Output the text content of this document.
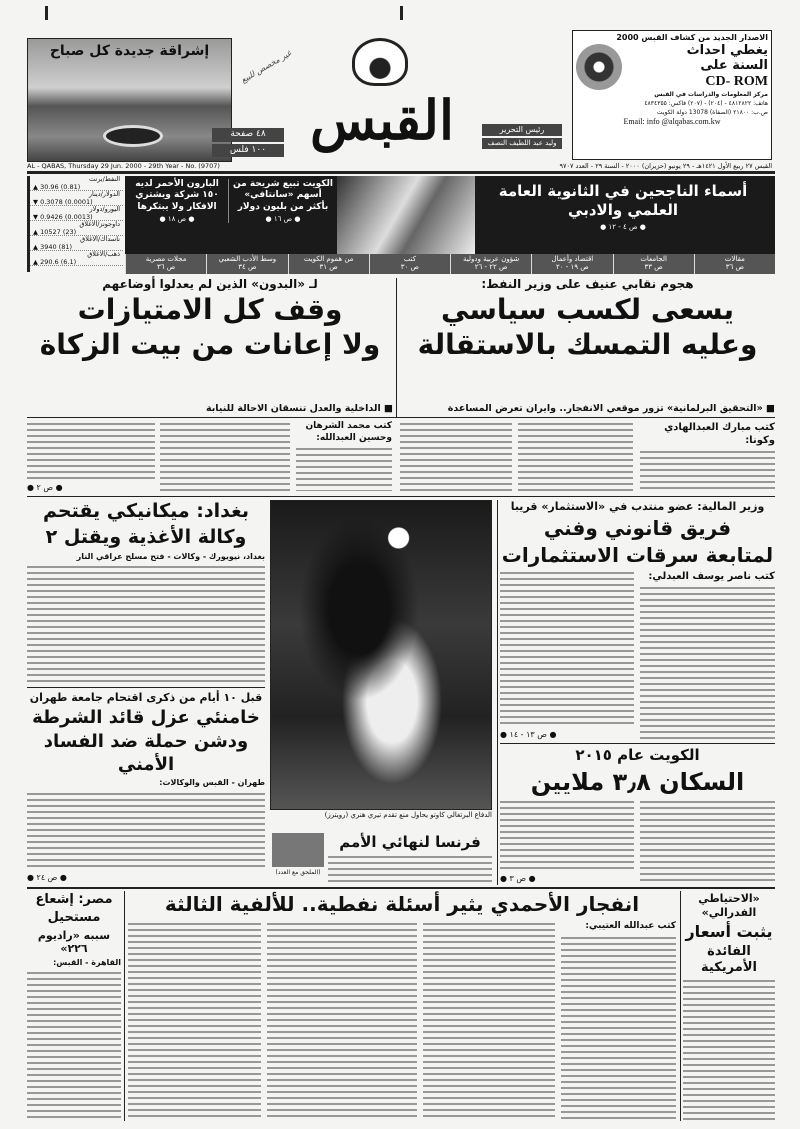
إشراقة جديدة كل صباح	غير مخصص للبيع
٤٨ صفحة
١٠٠ فلس القبس	رئيس التحرير
وليد عبد اللطيف النصف
الاصدار الجديد من كشاف القبس 2000
يغطي احداث
السنة على
CD- ROM
مركز المعلومات والدراسات في القبس
هاتف: ٤٨١٢٨٢٢ - (٢٠٤) - (٢٠٧) فاكس: ٤٨٣٤٣٥٥
ص.ب: ٢١٨٠٠ (الصفاة) 13078 دولة الكويت
Email: info @alqabas.com.kw
AL - QABAS, Thursday 29 Jun. 2000 - 29th Year - No. (9707)	القبس ٢٧ ربيع الأول ١٤٢١هـ - ٢٩ يونيو (حزيران) ٢٠٠٠ - السنة ٢٩ - العدد ٩٧٠٧
النفط/برنت
▲ 30.96 (0.81)
الدولار/دينار
▼ 0.3078 (0.0001)
اليورو/دولار
▼ 0.9426 (0.0013)
داوجونز/الاغلاق
▲ 10527 (23)
ناسداك/الاغلاق
▲ 3940 (81)
ذهب/الاغلاق
▲ 290.6 (6.1)
أسماء الناجحين في الثانوية العامة
العلمي والادبي
● ص ٤ - ١٢ ●
الكويت تبيع شريحة من أسهم «سانتافي» بأكثر من بليون دولار
● ص ١٦ ●
البارون الأحمر لديه ١٥٠ شركة ويشتري الافكار ولا يبتكرها
● ص ١٨ ●
مقالات
ص ٣٦
الجامعات
ص ٣٣
اقتصاد وأعمال
ص ١٩ - ٢٠
شؤون عربية ودولية
ص ٢٢ - ٢٦
كتب
ص ٣٠
من هموم الكويت
ص ٣١
وسط الأدب الشعبي
ص ٣٤
مجلات مصرية
ص ٣٦
هجوم نقابي عنيف على وزير النفط:
يسعى لكسب سياسي
وعليه التمسك بالاستقالة
■ «التحقيق البرلمانية» تزور موقعي الانفجار.. وايران تعرض المساعدة
لـ «البدون» الذين لم يعدلوا أوضاعهم
وقف كل الامتيازات
ولا إعانات من بيت الزكاة
■ الداخلية والعدل تنسقان الاحالة للنيابة
كتب مبارك العبدالهادي وكونا:
كتب محمد الشرهان وحسين العبدالله:
● ص ٢ ●
بغداد: ميكانيكي يقتحم
وكالة الأغذية ويقتل ٢
بغداد، نيويورك - وكالات - فتح مسلح عراقي النار
قبل ١٠ أيام من ذكرى اقتحام جامعة طهران
خامنئي عزل قائد الشرطة
ودشن حملة ضد الفساد الأمني
طهران - القبس والوكالات:
● ص ٢٤ ●
الدفاع البرتغالي كاوتو يحاول منع تقدم تيري هنري (رويترز)
(الملحق مع العدد)
فرنسا لنهائي الأمم
وزير المالية: عضو منتدب في «الاستثمار» قريبا
فريق قانوني وفني
لمتابعة سرقات الاستثمارات
كتب ناصر يوسف العبدلي:
● ص ١٣ - ١٤ ●
الكويت عام ٢٠١٥
السكان ٣٫٨ ملايين
● ص ٣ ●
«الاحتياطي الفدرالي»
يثبت أسعار
الفائدة الأمريكية
انفجار الأحمدي يثير أسئلة نفطية.. للألفية الثالثة
كتب عبدالله العتيبي:
مصر: إشعاع
مستحيل
سببه «راديوم ٢٢٦»
القاهرة - القبس:
